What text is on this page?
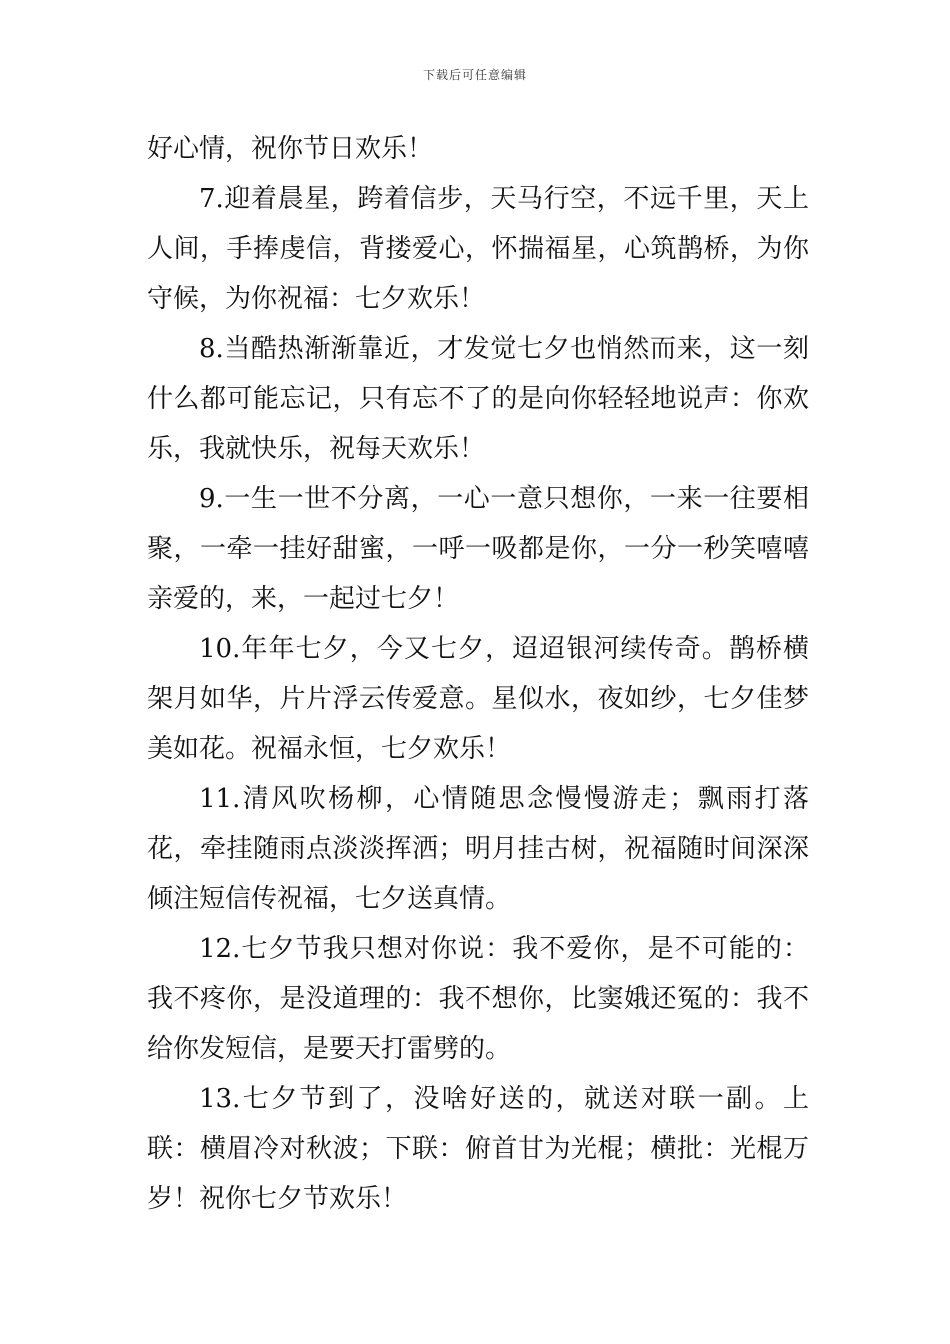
下载后可任意编辑

好心情，祝你节日欢乐！

7.迎着晨星，跨着信步，天马行空，不远千里，天上人间，手捧虔信，背搂爱心，怀揣福星，心筑鹊桥，为你守候，为你祝福：七夕欢乐！

8.当酷热渐渐靠近，才发觉七夕也悄然而来，这一刻什么都可能忘记，只有忘不了的是向你轻轻地说声：你欢乐，我就快乐，祝每天欢乐！

9.一生一世不分离，一心一意只想你，一来一往要相聚，一牵一挂好甜蜜，一呼一吸都是你，一分一秒笑嘻嘻亲爱的，来，一起过七夕！

10.年年七夕，今又七夕，迢迢银河续传奇。鹊桥横架月如华，片片浮云传爱意。星似水，夜如纱，七夕佳梦美如花。祝福永恒，七夕欢乐！

11.清风吹杨柳，心情随思念慢慢游走；飘雨打落花，牵挂随雨点淡淡挥洒；明月挂古树，祝福随时间深深倾注短信传祝福，七夕送真情。

12.七夕节我只想对你说：我不爱你，是不可能的：我不疼你，是没道理的：我不想你，比窦娥还冤的：我不给你发短信，是要天打雷劈的。

13.七夕节到了，没啥好送的，就送对联一副。上联：横眉冷对秋波；下联：俯首甘为光棍；横批：光棍万岁！祝你七夕节欢乐！
